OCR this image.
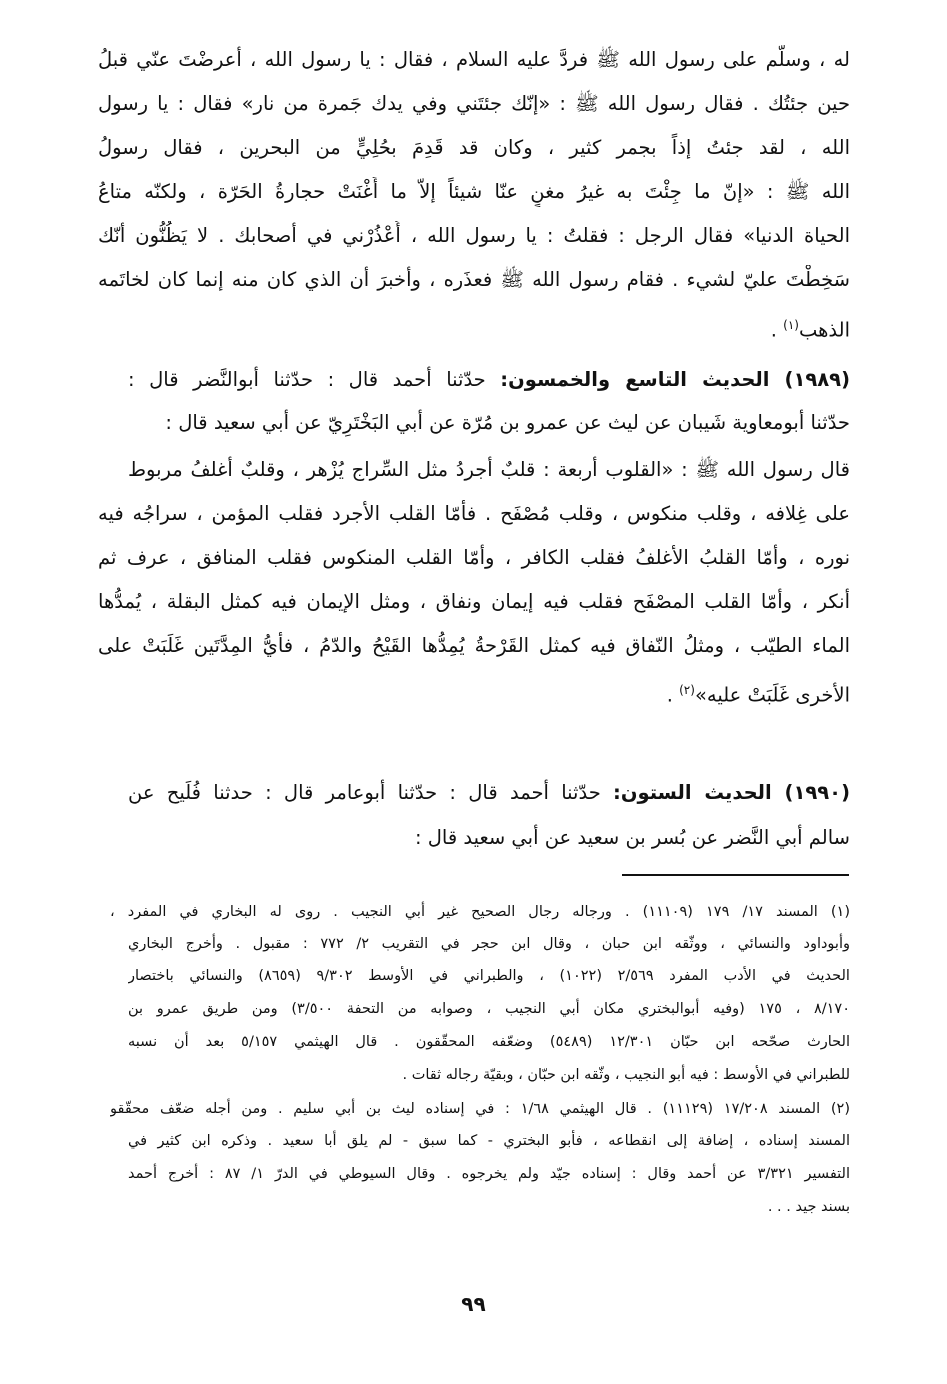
له ، وسلّم على رسول الله ﷺ فردَّ عليه السلام ، فقال : يا رسول الله ، أعرضْتَ عنّي قبلُ
حين جئتُك . فقال رسول الله ﷺ : «إنّك جئتَني وفي يدك جَمرة من نار» فقال : يا رسول
الله ، لقد جئتُ إذاً بجمر كثير ، وكان قد قَدِمَ بحُلِيٍّ من البحرين ، فقال رسولُ
الله ﷺ : «إنّ ما جِئْتَ به غيرُ مغنٍ عنّا شيئاً إلاّ ما أَغْنَتْ حجارةُ الحَرّة ، ولكنّه متاعُ
الحياة الدنيا» فقال الرجل : فقلتُ : يا رسول الله ، أُعْذُرْني في أصحابك . لا يَظُنُّون أنّك
سَخِطْتَ عليّ لشيء . فقام رسول الله ﷺ فعذَره ، وأخبرَ أن الذي كان منه إنما كان لخاتَمه
الذهب$^{(١)}$ .
(١٩٨٩) الحديث التاسع والخمسون: حدّثنا أحمد قال : حدّثنا أبوالنَّضر قال :
حدّثنا أبومعاوية شَيبان عن ليث عن عمرو بن مُرّة عن أبي البَخْتَرِيّ عن أبي سعيد قال :
قال رسول الله ﷺ : «القلوب أربعة : قلبٌ أجردُ مثل السِّراج يُزْهر ، وقلبٌ أغلفُ مربوط
على غِلافه ، وقلب منكوس ، وقلب مُصْفَح . فأمّا القلب الأجرد فقلب المؤمن ، سراجُه فيه
نوره ، وأمّا القلبُ الأغلفُ فقلب الكافر ، وأمّا القلب المنكوس فقلب المنافق ، عرف ثم
أنكر ، وأمّا القلب المصْفَح فقلب فيه إيمان ونفاق ، ومثل الإيمان فيه كمثل البقلة ، يُمدُّها
الماء الطيّب ، ومثلُ النّفاق فيه كمثل القَرْحةُ يُمِدُّها القَيْحُ والدّمُ ، فأيُّ المِدَّتَين غَلَبَتْ على
الأخرى غَلَبَتْ عليه»$^{(٢)}$ .
(١٩٩٠) الحديث الستون: حدّثنا أحمد قال : حدّثنا أبوعامر قال : حدثنا فُلَيح عن
سالم أبي النَّضر عن بُسر بن سعيد عن أبي سعيد قال :
(١) المسند ١٧/ ١٧٩ (١١١٠٩) . ورجاله رجال الصحيح غير أبي النجيب . روى له البخاري في المفرد ،
وأبوداود والنسائي ، ووثّقه ابن حبان ، وقال ابن حجر في التقريب ٢/ ٧٧٢ : مقبول . وأخرج البخاري
الحديث في الأدب المفرد ٢/٥٦٩ (١٠٢٢) ، والطبراني في الأوسط ٩/٣٠٢ (٨٦٥٩) والنسائي باختصار
٨/١٧٠ ، ١٧٥ (وفيه أبوالبختري مكان أبي النجيب ، وصوابه من التحفة ٣/٥٠٠) ومن طريق عمرو بن
الحارث صحّحه ابن حبّان ١٢/٣٠١ (٥٤٨٩) وضعّفه المحقّقون . قال الهيثمي ٥/١٥٧ بعد أن نسبه
للطبراني في الأوسط : فيه أبو النجيب ، وثّقه ابن حبّان ، وبقيّة رجاله ثقات .
(٢) المسند ١٧/٢٠٨ (١١١٢٩) . قال الهيثمي ١/٦٨ : في إسناده ليث بن أبي سليم . ومن أجله ضعّف محقّقو
المسند إسناده ، إضافة إلى انقطاعه ، فأبو البختري - كما سبق - لم يلق أبا سعيد . وذكره ابن كثير في
التفسير ٣/٣٢١ عن أحمد وقال : إسناده جيّد ولم يخرجوه . وقال السيوطي في الدرّ ١/ ٨٧ : أخرج أحمد
بسند جيد . . .
٩٩
